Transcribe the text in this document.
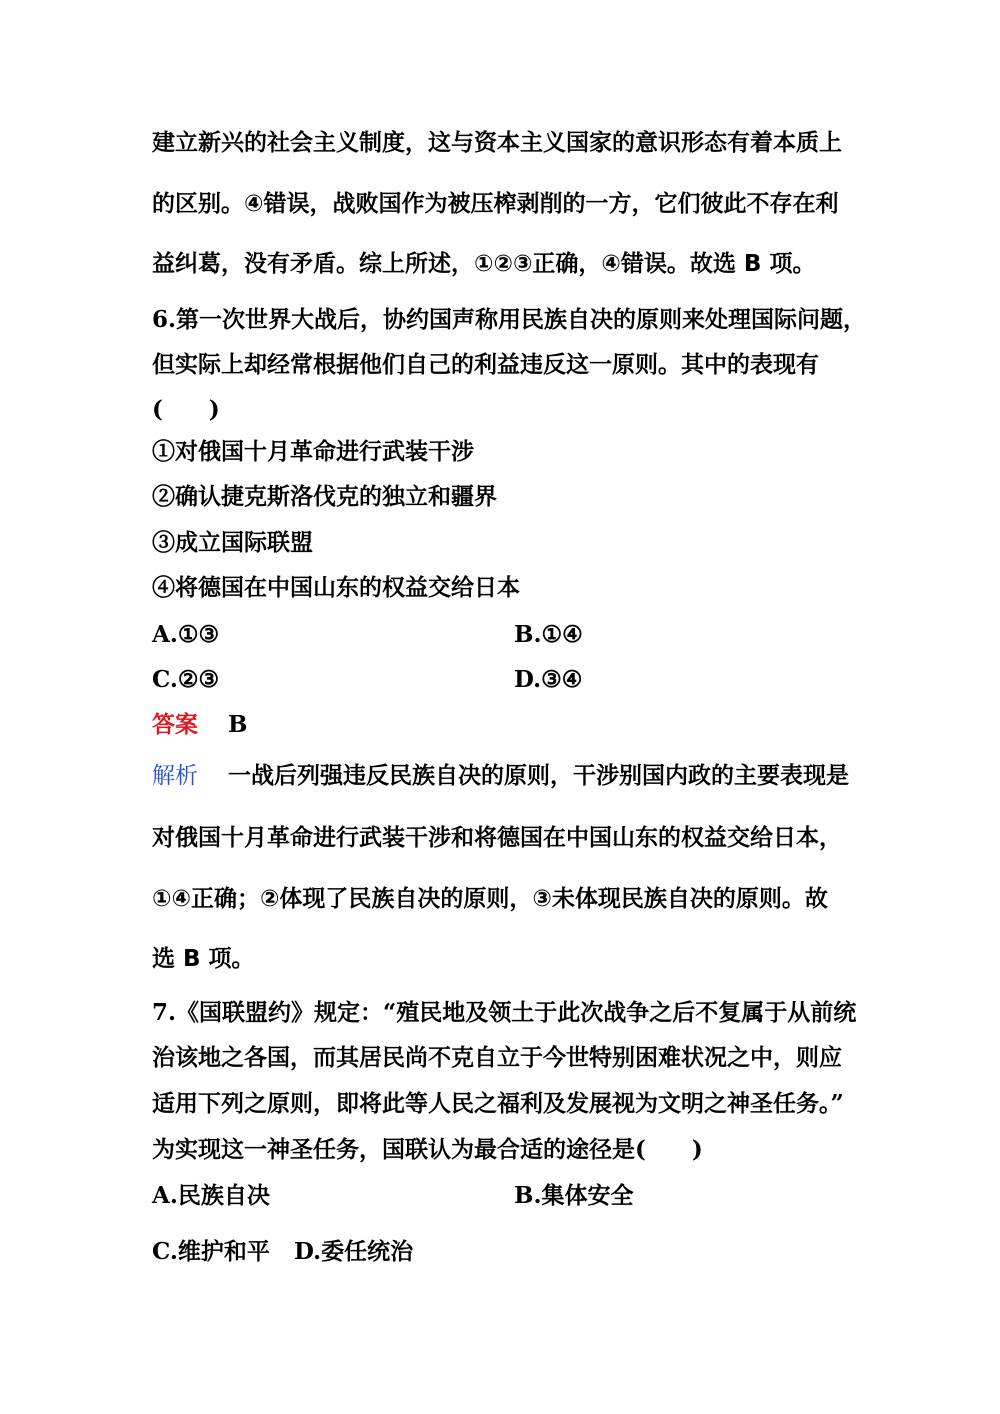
建立新兴的社会主义制度，这与资本主义国家的意识形态有着本质上
的区别。④错误，战败国作为被压榨剥削的一方，它们彼此不存在利
益纠葛，没有矛盾。综上所述，①②③正确，④错误。故选 B 项。
6.第一次世界大战后，协约国声称用民族自决的原则来处理国际问题，
但实际上却经常根据他们自己的利益违反这一原则。其中的表现有
(　　)
①对俄国十月革命进行武装干涉
②确认捷克斯洛伐克的独立和疆界
③成立国际联盟
④将德国在中国山东的权益交给日本
A.①③	B.①④
C.②③	D.③④
答案 B
解析 一战后列强违反民族自决的原则，干涉别国内政的主要表现是
对俄国十月革命进行武装干涉和将德国在中国山东的权益交给日本，
①④正确；②体现了民族自决的原则，③未体现民族自决的原则。故
选 B 项。
7.《国联盟约》规定：“殖民地及领土于此次战争之后不复属于从前统
治该地之各国，而其居民尚不克自立于今世特别困难状况之中，则应
适用下列之原则，即将此等人民之福利及发展视为文明之神圣任务。”
为实现这一神圣任务，国联认为最合适的途径是(　　)
A.民族自决	B.集体安全
C.维护和平 D.委任统治
